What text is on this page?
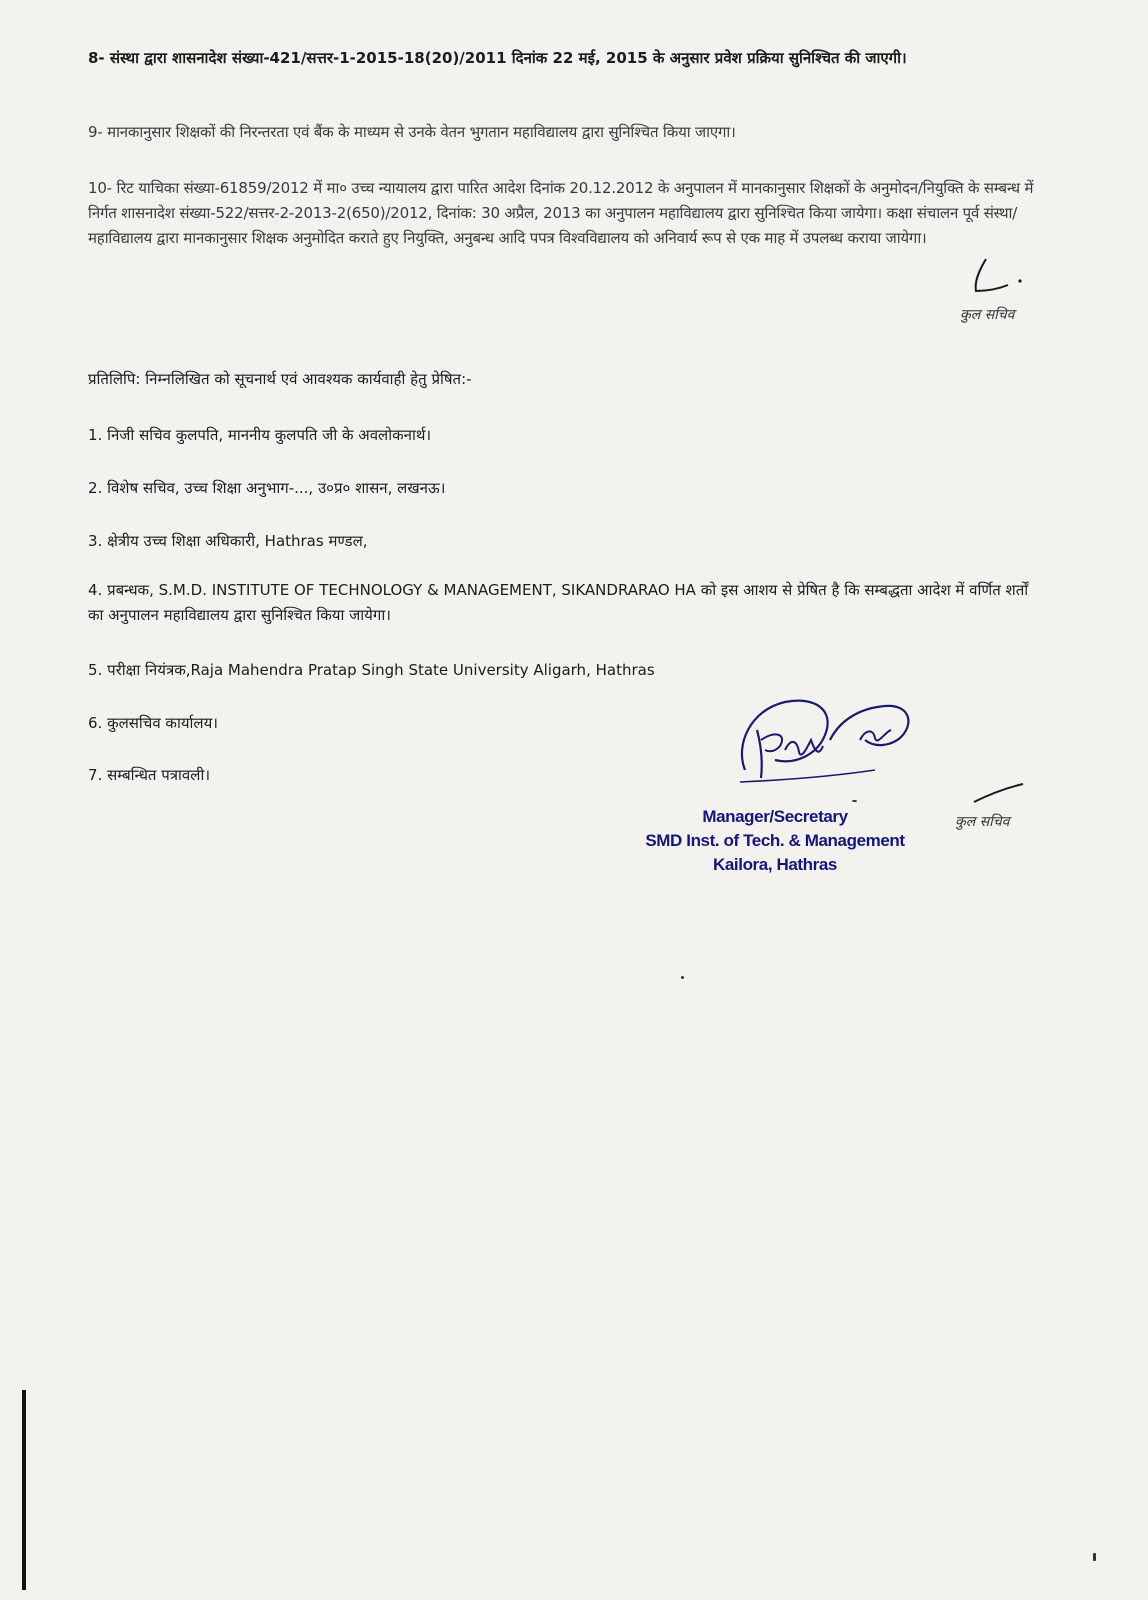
8- संस्था द्वारा शासनादेश संख्या-421/सत्तर-1-2015-18(20)/2011 दिनांक 22 मई, 2015 के अनुसार प्रवेश प्रक्रिया सुनिश्चित की जाएगी।

9- मानकानुसार शिक्षकों की निरन्तरता एवं बैंक के माध्यम से उनके वेतन भुगतान महाविद्यालय द्वारा सुनिश्चित किया जाएगा।

10- रिट याचिका संख्या-61859/2012 में मा० उच्च न्यायालय द्वारा पारित आदेश दिनांक 20.12.2012 के अनुपालन में मानकानुसार शिक्षकों के अनुमोदन/नियुक्ति के सम्बन्ध में निर्गत शासनादेश संख्या-522/सत्तर-2-2013-2(650)/2012, दिनांक: 30 अप्रैल, 2013 का अनुपालन महाविद्यालय द्वारा सुनिश्चित किया जायेगा। कक्षा संचालन पूर्व संस्था/महाविद्यालय द्वारा मानकानुसार शिक्षक अनुमोदित कराते हुए नियुक्ति, अनुबन्ध आदि पपत्र विश्वविद्यालय को अनिवार्य रूप से एक माह में उपलब्ध कराया जायेगा।

कुल सचिव

प्रतिलिपि: निम्नलिखित को सूचनार्थ एवं आवश्यक कार्यवाही हेतु प्रेषित:-

1. निजी सचिव कुलपति, माननीय कुलपति जी के अवलोकनार्थ।

2. विशेष सचिव, उच्च शिक्षा अनुभाग-..., उ०प्र० शासन, लखनऊ।

3. क्षेत्रीय उच्च शिक्षा अधिकारी, Hathras मण्डल,

4. प्रबन्धक, S.M.D. INSTITUTE OF TECHNOLOGY & MANAGEMENT, SIKANDRARAO HA को इस आशय से प्रेषित है कि सम्बद्धता आदेश में वर्णित शर्तों का अनुपालन महाविद्यालय द्वारा सुनिश्चित किया जायेगा।

5. परीक्षा नियंत्रक,Raja Mahendra Pratap Singh State University Aligarh, Hathras

6. कुलसचिव कार्यालय।

7. सम्बन्धित पत्रावली।

Manager/Secretary
SMD Inst. of Tech. & Management
Kailora, Hathras
कुल सचिव
